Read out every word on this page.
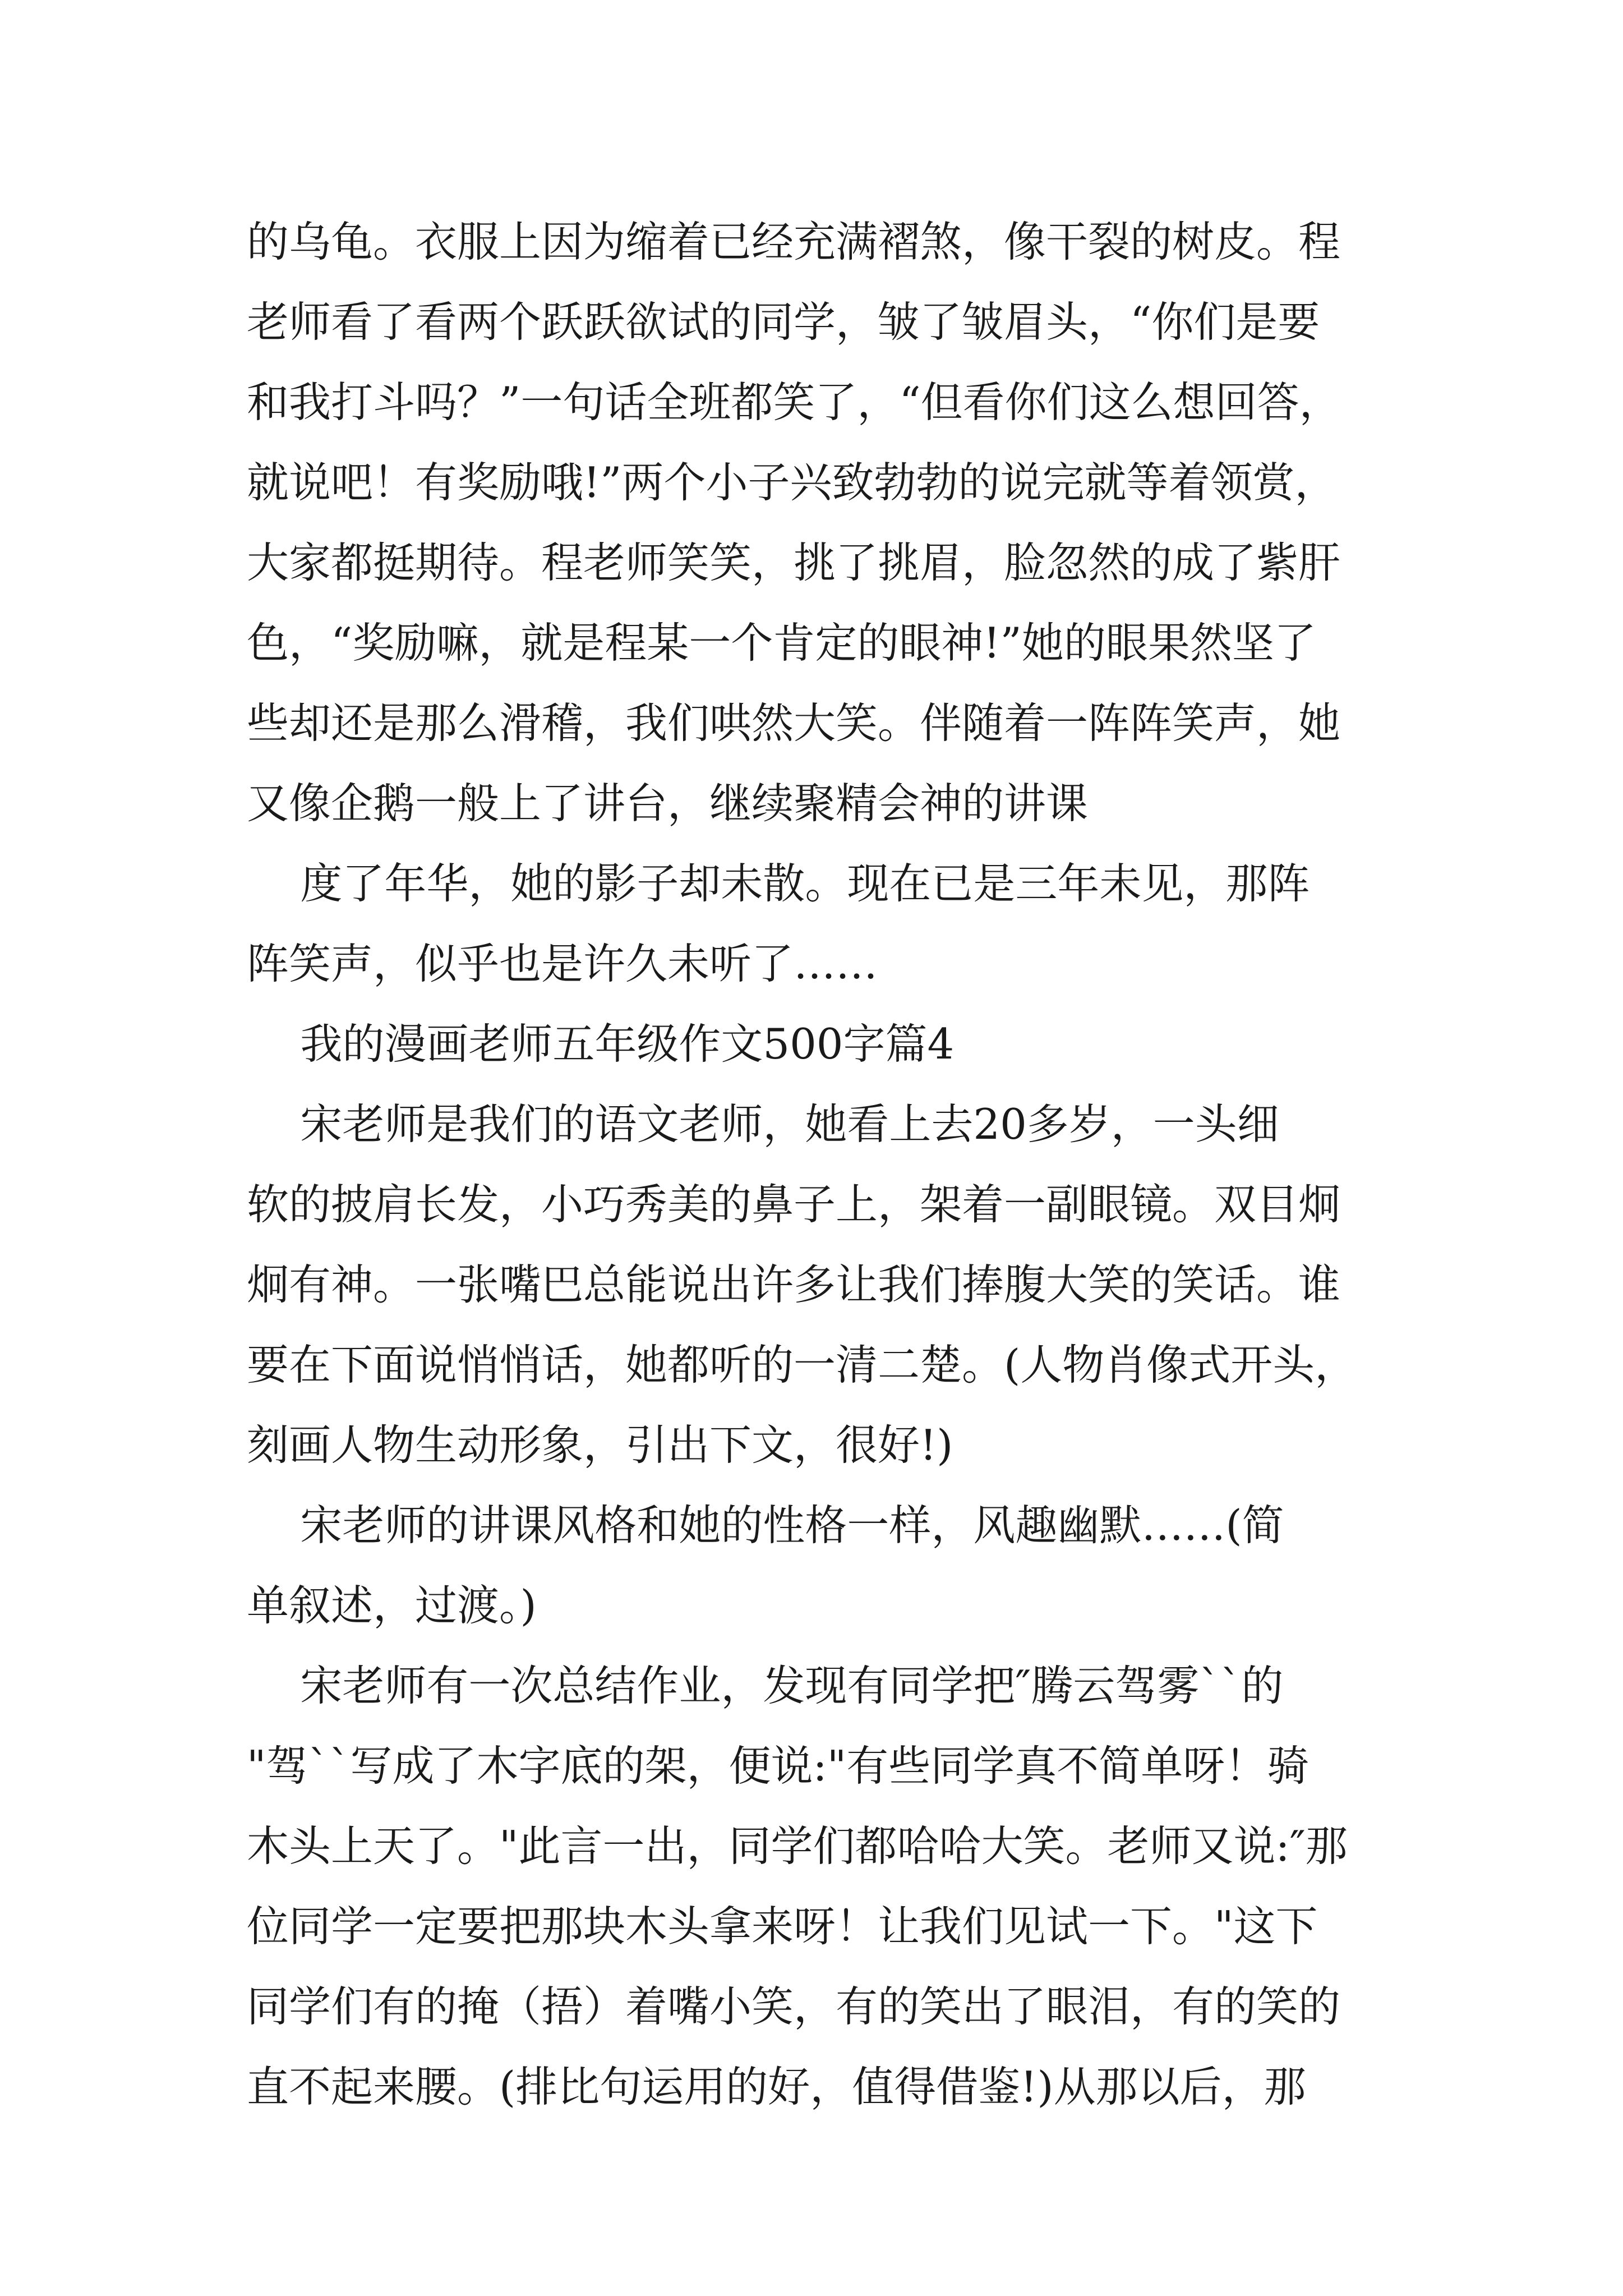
的乌龟。衣服上因为缩着已经充满褶煞，像干裂的树皮。程
老师看了看两个跃跃欲试的同学，皱了皱眉头，“你们是要
和我打斗吗？”一句话全班都笑了，“但看你们这么想回答，
就说吧！有奖励哦!”两个小子兴致勃勃的说完就等着领赏，
大家都挺期待。程老师笑笑，挑了挑眉，脸忽然的成了紫肝
色，“奖励嘛，就是程某一个肯定的眼神!”她的眼果然坚了
些却还是那么滑稽，我们哄然大笑。伴随着一阵阵笑声，她
又像企鹅一般上了讲台，继续聚精会神的讲课
度了年华，她的影子却未散。现在已是三年未见，那阵
阵笑声，似乎也是许久未听了……
我的漫画老师五年级作文500字篇4
宋老师是我们的语文老师，她看上去20多岁，一头细
软的披肩长发，小巧秀美的鼻子上，架着一副眼镜。双目炯
炯有神。一张嘴巴总能说出许多让我们捧腹大笑的笑话。谁
要在下面说悄悄话，她都听的一清二楚。(人物肖像式开头，
刻画人物生动形象，引出下文，很好!)
宋老师的讲课风格和她的性格一样，风趣幽默……(简
单叙述，过渡。)
宋老师有一次总结作业，发现有同学把″腾云驾雾``的
"驾``写成了木字底的架，便说:"有些同学真不简单呀！骑
木头上天了。"此言一出，同学们都哈哈大笑。老师又说:″那
位同学一定要把那块木头拿来呀！让我们见试一下。"这下
同学们有的掩（捂）着嘴小笑，有的笑出了眼泪，有的笑的
直不起来腰。(排比句运用的好，值得借鉴!)从那以后，那
